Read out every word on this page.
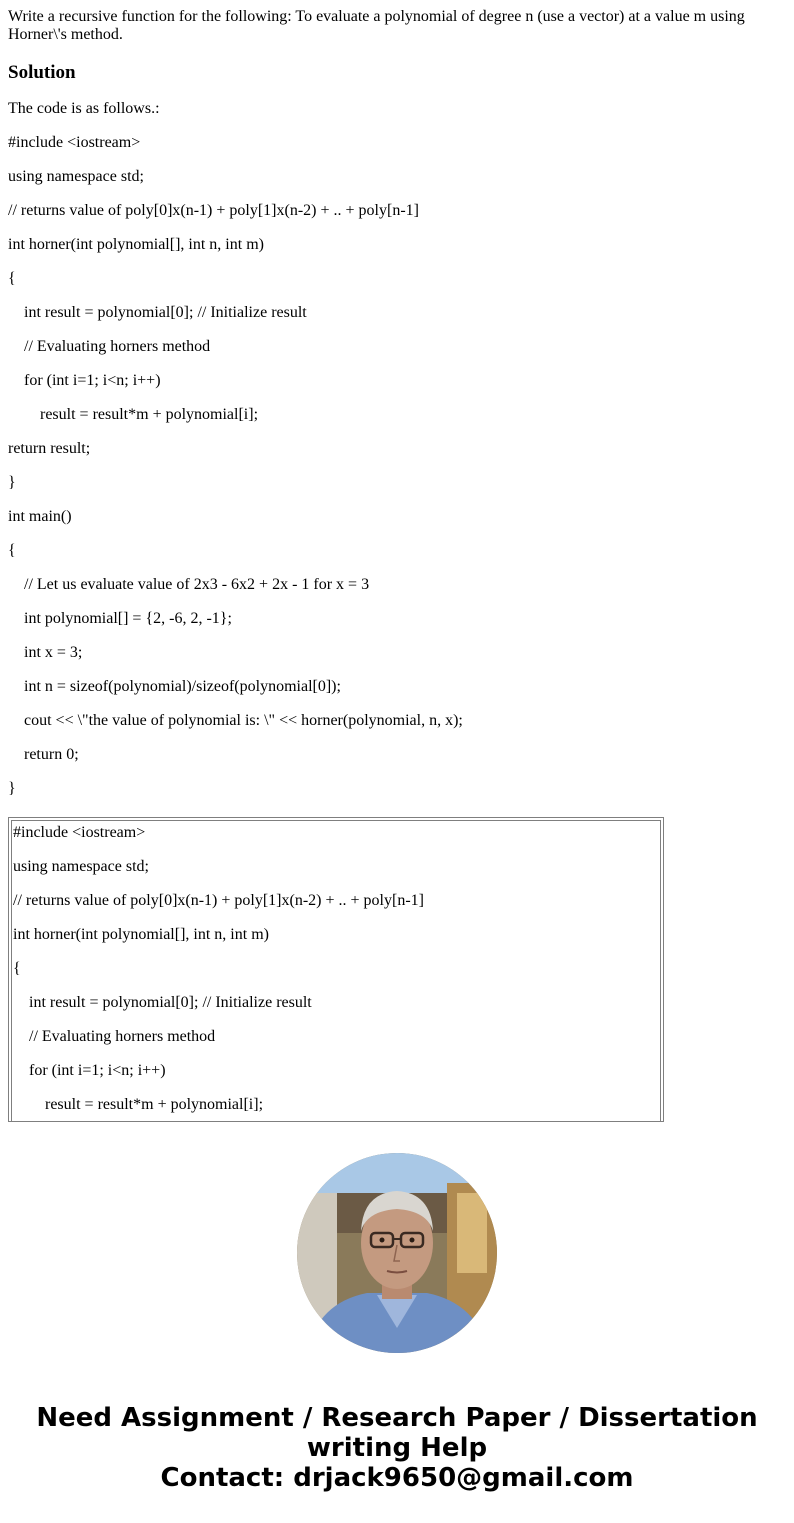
Write a recursive function for the following: To evaluate a polynomial of degree n (use a vector) at a value m using Horner\'s method.

Solution

The code is as follows.:

#include <iostream>
using namespace std;
// returns value of poly[0]x(n-1) + poly[1]x(n-2) + .. + poly[n-1]
int horner(int polynomial[], int n, int m)
{
int result = polynomial[0]; // Initialize result
// Evaluating horners method
for (int i=1; i<n; i++)
result = result*m + polynomial[i];
return result;
}
int main()
{
// Let us evaluate value of 2x3 - 6x2 + 2x - 1 for x = 3
int polynomial[] = {2, -6, 2, -1};
int x = 3;
int n = sizeof(polynomial)/sizeof(polynomial[0]);
cout << \"the value of polynomial is: \" << horner(polynomial, n, x);
return 0;
}
#include <iostream>
using namespace std;
// returns value of poly[0]x(n-1) + poly[1]x(n-2) + .. + poly[n-1]
int horner(int polynomial[], int n, int m)
{
int result = polynomial[0]; // Initialize result
// Evaluating horners method
for (int i=1; i<n; i++)
result = result*m + polynomial[i];
Need Assignment / Research Paper / Dissertation
writing Help
Contact: drjack9650@gmail.com
